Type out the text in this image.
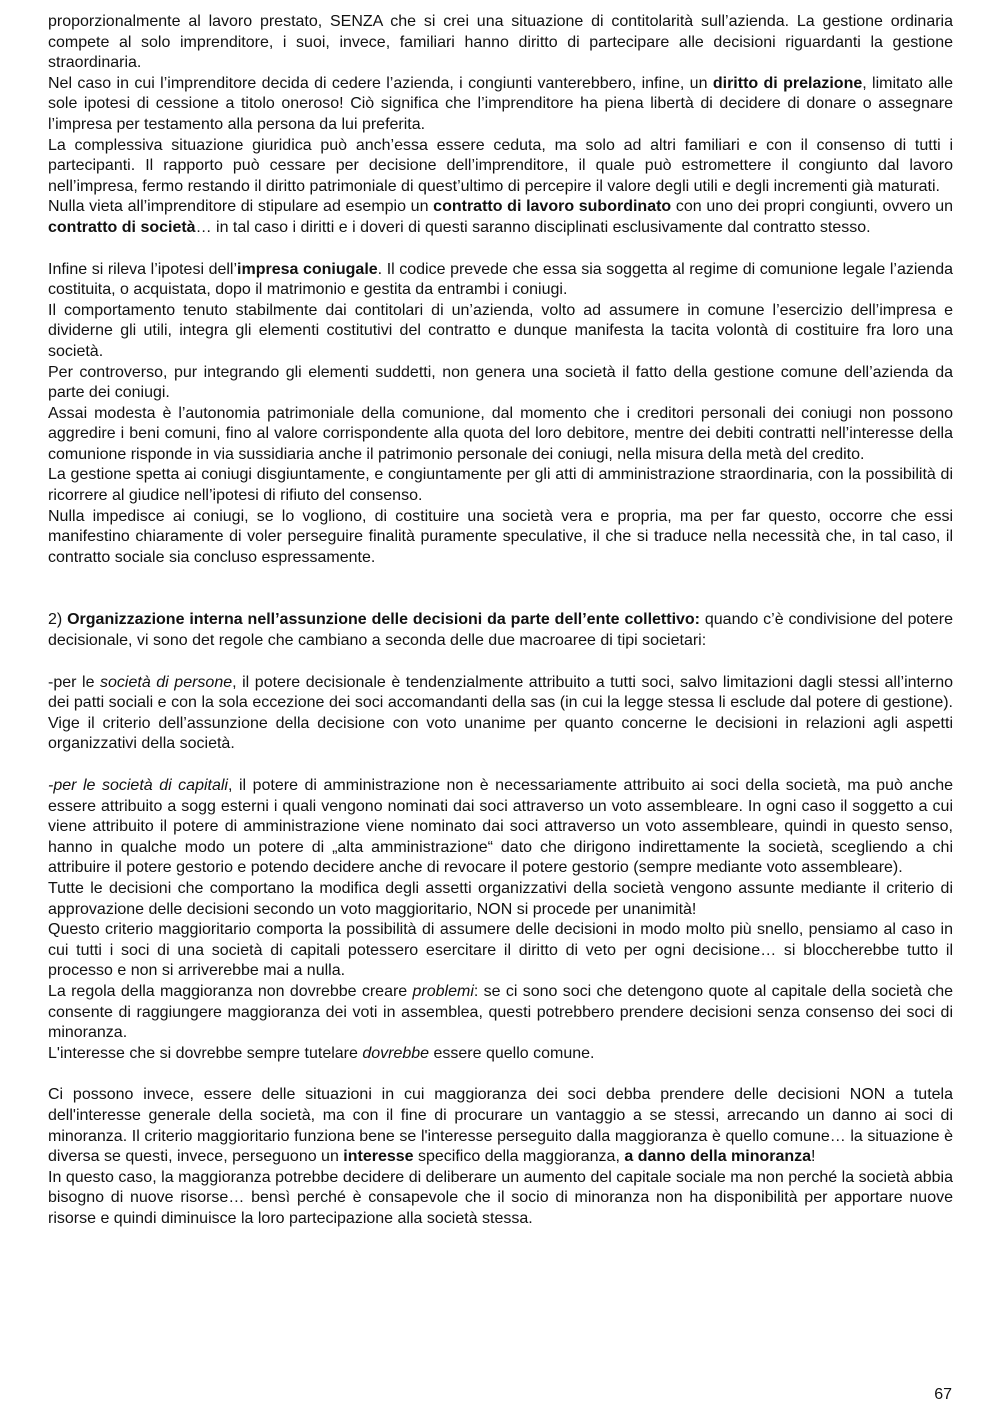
proporzionalmente al lavoro prestato, SENZA che si crei una situazione di contitolarità sull’azienda. La gestione ordinaria compete al solo imprenditore, i suoi, invece, familiari hanno diritto di partecipare alle decisioni riguardanti la gestione straordinaria.

Nel caso in cui l’imprenditore decida di cedere l’azienda, i congiunti vanterebbero, infine, un diritto di prelazione, limitato alle sole ipotesi di cessione a titolo oneroso! Ciò significa che l’imprenditore ha piena libertà di decidere di donare o assegnare l’impresa per testamento alla persona da lui preferita.

La complessiva situazione giuridica può anch’essa essere ceduta, ma solo ad altri familiari e con il consenso di tutti i partecipanti. Il rapporto può cessare per decisione dell’imprenditore, il quale può estromettere il congiunto dal lavoro nell’impresa, fermo restando il diritto patrimoniale di quest’ultimo di percepire il valore degli utili e degli incrementi già maturati.

Nulla vieta all’imprenditore di stipulare ad esempio un contratto di lavoro subordinato con uno dei propri congiunti, ovvero un contratto di società… in tal caso i diritti e i doveri di questi saranno disciplinati esclusivamente dal contratto stesso.

Infine si rileva l’ipotesi dell’impresa coniugale. Il codice prevede che essa sia soggetta al regime di comunione legale l’azienda costituita, o acquistata, dopo il matrimonio e gestita da entrambi i coniugi.

Il comportamento tenuto stabilmente dai contitolari di un’azienda, volto ad assumere in comune l’esercizio dell’impresa e dividerne gli utili, integra gli elementi costitutivi del contratto e dunque manifesta la tacita volontà di costituire fra loro una società.

Per controverso, pur integrando gli elementi suddetti, non genera una società il fatto della gestione comune dell’azienda da parte dei coniugi.

Assai modesta è l’autonomia patrimoniale della comunione, dal momento che i creditori personali dei coniugi non possono aggredire i beni comuni, fino al valore corrispondente alla quota del loro debitore, mentre dei debiti contratti nell’interesse della comunione risponde in via sussidiaria anche il patrimonio personale dei coniugi, nella misura della metà del credito.

La gestione spetta ai coniugi disgiuntamente, e congiuntamente per gli atti di amministrazione straordinaria, con la possibilità di ricorrere al giudice nell’ipotesi di rifiuto del consenso.

Nulla impedisce ai coniugi, se lo vogliono, di costituire una società vera e propria, ma per far questo, occorre che essi manifestino chiaramente di voler perseguire finalità puramente speculative, il che si traduce nella necessità che, in tal caso, il contratto sociale sia concluso espressamente.

2) Organizzazione interna nell’assunzione delle decisioni da parte dell’ente collettivo: quando c’è condivisione del potere decisionale, vi sono det regole che cambiano a seconda delle due macroaree di tipi societari:

-per le società di persone, il potere decisionale è tendenzialmente attribuito a tutti soci, salvo limitazioni dagli stessi all’interno dei patti sociali e con la sola eccezione dei soci accomandanti della sas (in cui la legge stessa li esclude dal potere di gestione). Vige il criterio dell’assunzione della decisione con voto unanime per quanto concerne le decisioni in relazioni agli aspetti organizzativi della società.

-per le società di capitali, il potere di amministrazione non è necessariamente attribuito ai soci della società, ma può anche essere attribuito a sogg esterni i quali vengono nominati dai soci attraverso un voto assembleare. In ogni caso il soggetto a cui viene attribuito il potere di amministrazione viene nominato dai soci attraverso un voto assembleare, quindi in questo senso, hanno in qualche modo un potere di „alta amministrazione“ dato che dirigono indirettamente la società, scegliendo a chi attribuire il potere gestorio e potendo decidere anche di revocare il potere gestorio (sempre mediante voto assembleare).

Tutte le decisioni che comportano la modifica degli assetti organizzativi della società vengono assunte mediante il criterio di approvazione delle decisioni secondo un voto maggioritario, NON si procede per unanimità!

Questo criterio maggioritario comporta la possibilità di assumere delle decisioni in modo molto più snello, pensiamo al caso in cui tutti i soci di una società di capitali potessero esercitare il diritto di veto per ogni decisione… si bloccherebbe tutto il processo e non si arriverebbe mai a nulla.

La regola della maggioranza non dovrebbe creare problemi: se ci sono soci che detengono quote al capitale della società che consente di raggiungere maggioranza dei voti in assemblea, questi potrebbero prendere decisioni senza consenso dei soci di minoranza.

L'interesse che si dovrebbe sempre tutelare dovrebbe essere quello comune.

Ci possono invece, essere delle situazioni in cui maggioranza dei soci debba prendere delle decisioni NON a tutela dell'interesse generale della società, ma con il fine di procurare un vantaggio a se stessi, arrecando un danno ai soci di minoranza. Il criterio maggioritario funziona bene se l'interesse perseguito dalla maggioranza è quello comune… la situazione è diversa se questi, invece, perseguono un interesse specifico della maggioranza, a danno della minoranza!

In questo caso, la maggioranza potrebbe decidere di deliberare un aumento del capitale sociale ma non perché la società abbia bisogno di nuove risorse… bensì perché è consapevole che il socio di minoranza non ha disponibilità per apportare nuove risorse e quindi diminuisce la loro partecipazione alla società stessa.

67
